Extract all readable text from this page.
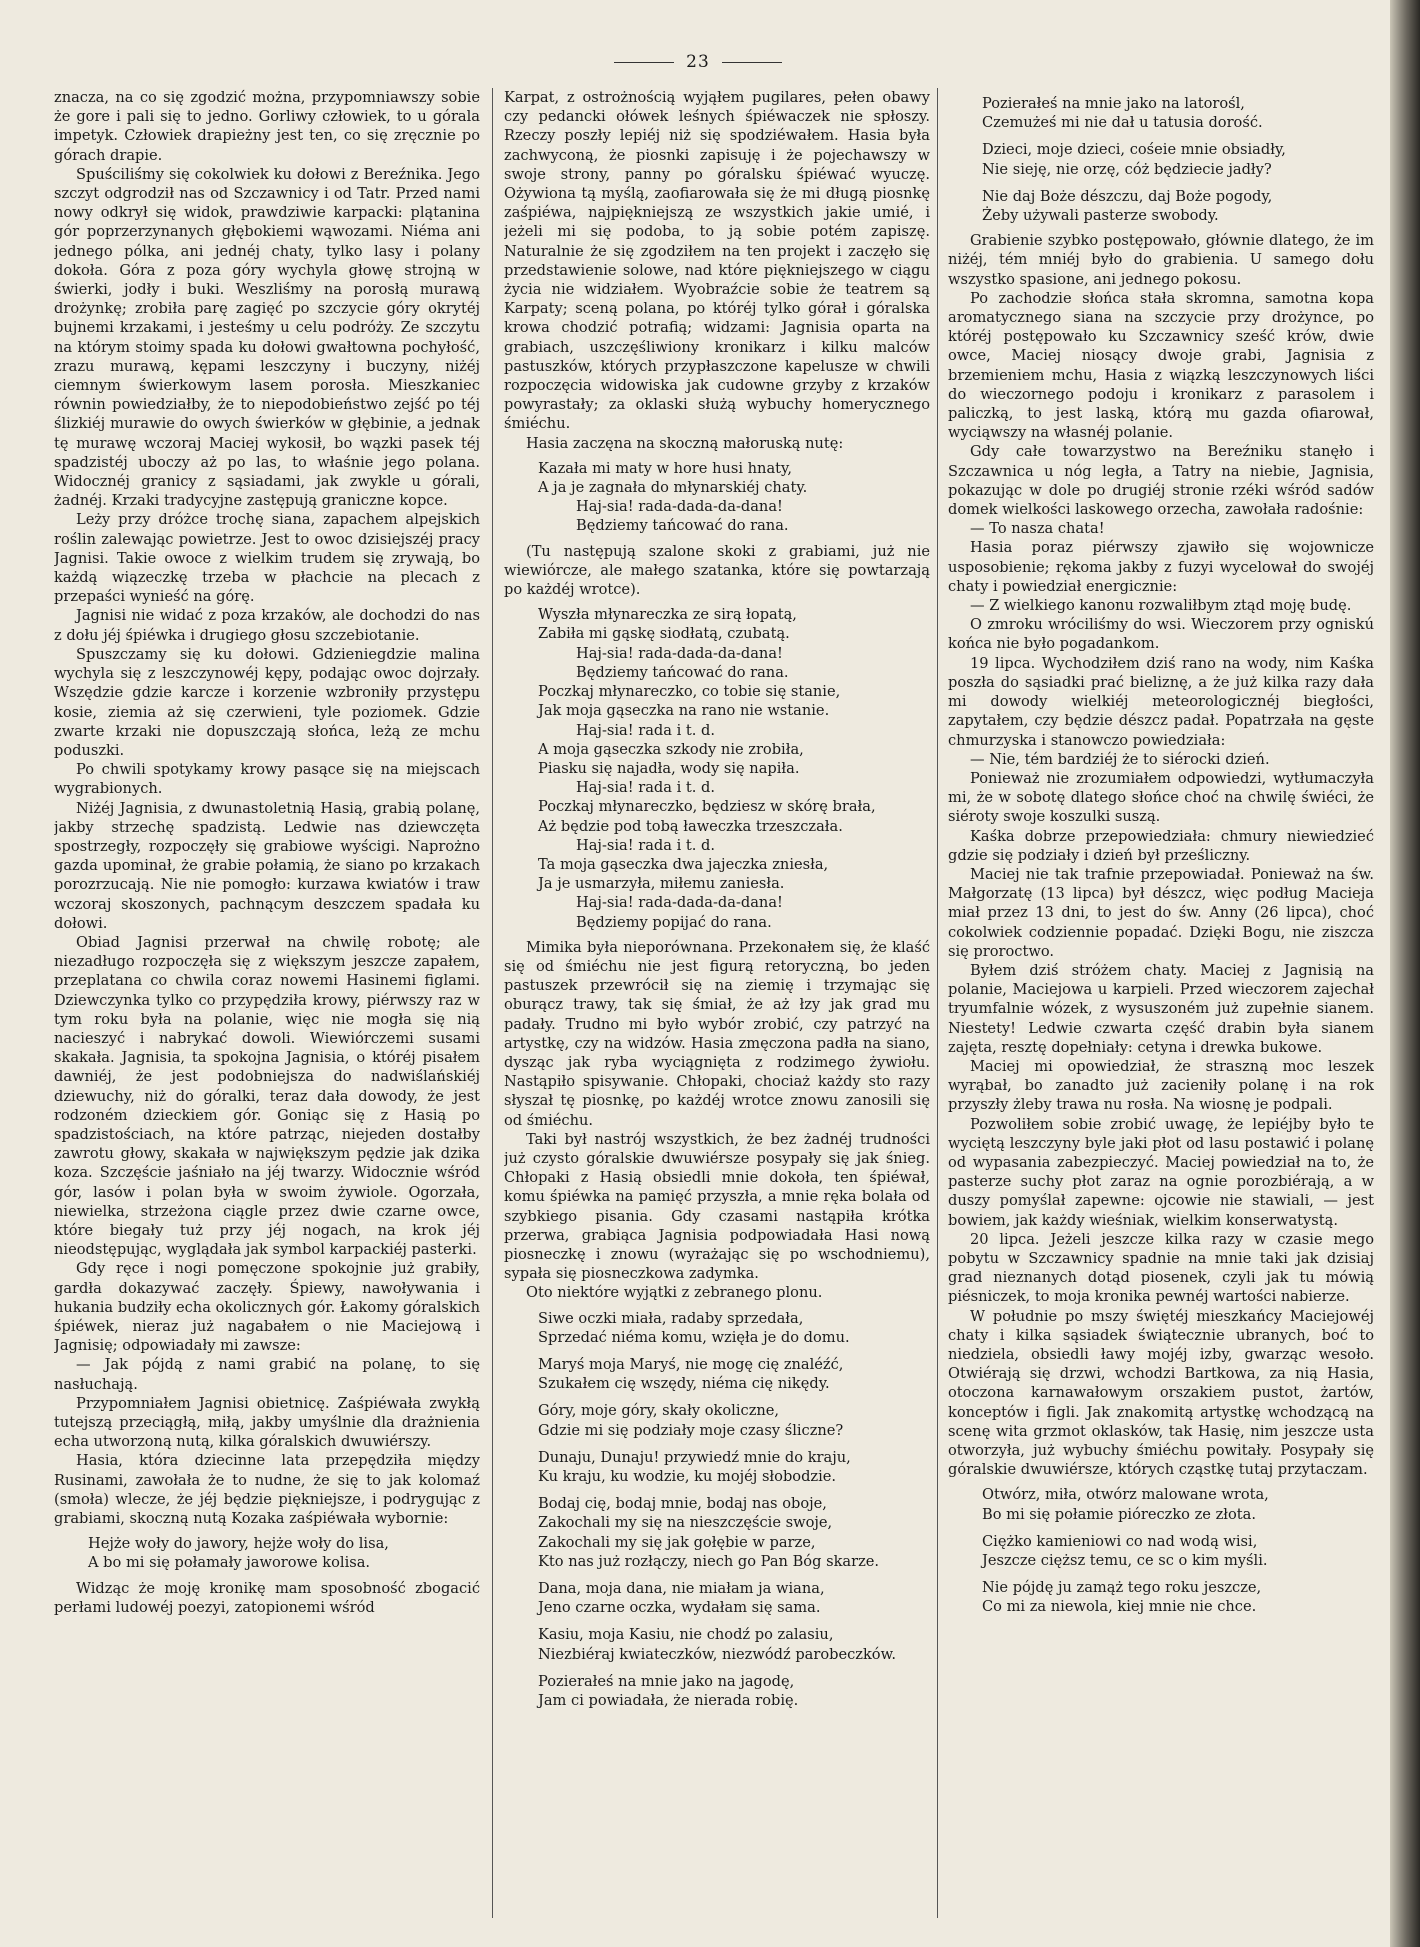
23

znacza, na co się zgodzić można, przypomniawszy sobie że gore i pali się to jedno. Gorliwy człowiek, to u górala impetyk. Człowiek drapieżny jest ten, co się zręcznie po górach drapie.

Spuściliśmy się cokolwiek ku dołowi z Bereźnika. Jego szczyt odgrodził nas od Szczawnicy i od Tatr. Przed nami nowy odkrył się widok, prawdziwie karpacki: plątanina gór poprzerzynanych głębokiemi wąwozami. Niéma ani jednego pólka, ani jednéj chaty, tylko lasy i polany dokoła. Góra z poza góry wychyla głowę strojną w świerki, jodły i buki. Weszliśmy na porosłą murawą drożynkę; zrobiła parę zagięć po szczycie góry okrytéj bujnemi krzakami, i jesteśmy u celu podróży. Ze szczytu na którym stoimy spada ku dołowi gwałtowna pochyłość, zrazu murawą, kępami leszczyny i buczyny, niżéj ciemnym świerkowym lasem porosła. Mieszkaniec równin powiedziałby, że to niepodobieństwo zejść po téj ślizkiéj murawie do owych świerków w głębinie, a jednak tę murawę wczoraj Maciej wykosił, bo wązki pasek téj spadzistéj uboczy aż po las, to właśnie jego polana. Widocznéj granicy z sąsiadami, jak zwykle u górali, żadnéj. Krzaki tradycyjne zastępują graniczne kopce.

Leży przy dróżce trochę siana, zapachem alpejskich roślin zalewając powietrze. Jest to owoc dzisiejszéj pracy Jagnisi. Takie owoce z wielkim trudem się zrywają, bo każdą wiązeczkę trzeba w płachcie na plecach z przepaści wynieść na górę.

Jagnisi nie widać z poza krzaków, ale dochodzi do nas z dołu jéj śpiéwka i drugiego głosu szczebiotanie.

Spuszczamy się ku dołowi. Gdzieniegdzie malina wychyla się z leszczynowéj kępy, podając owoc dojrzały. Wszędzie gdzie karcze i korzenie wzbroniły przystępu kosie, ziemia aż się czerwieni, tyle poziomek. Gdzie zwarte krzaki nie dopuszczają słońca, leżą ze mchu poduszki.

Po chwili spotykamy krowy pasące się na miejscach wygrabionych.

Niżéj Jagnisia, z dwunastoletnią Hasią, grabią polanę, jakby strzechę spadzistą. Ledwie nas dziewczęta spostrzegły, rozpoczęły się grabiowe wyścigi. Naprożno gazda upominał, że grabie połamią, że siano po krzakach porozrzucają. Nie nie pomogło: kurzawa kwiatów i traw wczoraj skoszonych, pachnącym deszczem spadała ku dołowi.

Obiad Jagnisi przerwał na chwilę robotę; ale niezadługo rozpoczęła się z większym jeszcze zapałem, przeplatana co chwila coraz nowemi Hasinemi figlami. Dziewczynka tylko co przypędziła krowy, piérwszy raz w tym roku była na polanie, więc nie mogła się nią nacieszyć i nabrykać dowoli. Wiewiórczemi susami skakała. Jagnisia, ta spokojna Jagnisia, o któréj pisałem dawniéj, że jest podobniejsza do nadwiślańskiéj dziewuchy, niż do góralki, teraz dała dowody, że jest rodzoném dzieckiem gór. Goniąc się z Hasią po spadzistościach, na które patrząc, niejeden dostałby zawrotu głowy, skakała w największym pędzie jak dzika koza. Szczęście jaśniało na jéj twarzy. Widocznie wśród gór, lasów i polan była w swoim żywiole. Ogorzała, niewielka, strzeżona ciągle przez dwie czarne owce, które biegały tuż przy jéj nogach, na krok jéj nieodstępując, wyglądała jak symbol karpackiéj pasterki.

Gdy ręce i nogi pomęczone spokojnie już grabiły, gardła dokazywać zaczęły. Śpiewy, nawoływania i hukania budziły echa okolicznych gór. Łakomy góralskich śpiéwek, nieraz już nagabałem o nie Maciejową i Jagnisię; odpowiadały mi zawsze:

— Jak pójdą z nami grabić na polanę, to się nasłuchają.

Przypomniałem Jagnisi obietnicę. Zaśpiéwała zwykłą tutejszą przeciągłą, miłą, jakby umyślnie dla drażnienia echa utworzoną nutą, kilka góralskich dwuwiérszy.

Hasia, która dziecinne lata przepędziła między Rusinami, zawołała że to nudne, że się to jak kolomaź (smoła) wlecze, że jéj będzie piękniejsze, i podrygując z grabiami, skoczną nutą Kozaka zaśpiéwała wybornie:

Hejże woły do jawory, hejże woły do lisa,
A bo mi się połamały jaworowe kolisa.

Widząc że moję kronikę mam sposobność zbogacić perłami ludowéj poezyi, zatopionemi wśród

Karpat, z ostrożnością wyjąłem pugilares, pełen obawy czy pedancki ołówek leśnych śpiéwaczek nie spłoszy. Rzeczy poszły lepiéj niż się spodziéwałem. Hasia była zachwyconą, że piosnki zapisuję i że pojechawszy w swoje strony, panny po góralsku śpiéwać wyuczę. Ożywiona tą myślą, zaofiarowała się że mi długą piosnkę zaśpiéwa, najpiękniejszą ze wszystkich jakie umié, i jeżeli mi się podoba, to ją sobie potém zapiszę. Naturalnie że się zgodziłem na ten projekt i zaczęło się przedstawienie solowe, nad które piękniejszego w ciągu życia nie widziałem. Wyobraźcie sobie że teatrem są Karpaty; sceną polana, po któréj tylko górał i góralska krowa chodzić potrafią; widzami: Jagnisia oparta na grabiach, uszczęśliwiony kronikarz i kilku malców pastuszków, których przypłaszczone kapelusze w chwili rozpoczęcia widowiska jak cudowne grzyby z krzaków powyrastały; za oklaski służą wybuchy homerycznego śmiéchu.

Hasia zaczęna na skoczną małoruską nutę:

Kazała mi maty w hore husi hnaty,
A ja je zagnała do młynarskiéj chaty.
Haj-sia! rada-dada-da-dana!
Będziemy tańcować do rana.

(Tu następują szalone skoki z grabiami, już nie wiewiórcze, ale małego szatanka, które się powtarzają po każdéj wrotce).

Wyszła młynareczka ze sirą łopatą,
Zabiła mi gąskę siodłatą, czubatą.
Haj-sia! rada-dada-da-dana!
Będziemy tańcować do rana.
Poczkaj młynareczko, co tobie się stanie,
Jak moja gąseczka na rano nie wstanie.
Haj-sia! rada i t. d.
A moja gąseczka szkody nie zrobiła,
Piasku się najadła, wody się napiła.
Haj-sia! rada i t. d.
Poczkaj młynareczko, będziesz w skórę brała,
Aż będzie pod tobą ławeczka trzeszczała.
Haj-sia! rada i t. d.
Ta moja gąseczka dwa jajeczka zniesła,
Ja je usmarzyła, miłemu zaniesła.
Haj-sia! rada-dada-da-dana!
Będziemy popijać do rana.

Mimika była nieporównana. Przekonałem się, że klaść się od śmiéchu nie jest figurą retoryczną, bo jeden pastuszek przewrócił się na ziemię i trzymając się oburącz trawy, tak się śmiał, że aż łzy jak grad mu padały. Trudno mi było wybór zrobić, czy patrzyć na artystkę, czy na widzów. Hasia zmęczona padła na siano, dysząc jak ryba wyciągnięta z rodzimego żywiołu. Nastąpiło spisywanie. Chłopaki, chociaż każdy sto razy słyszał tę piosnkę, po każdéj wrotce znowu zanosili się od śmiéchu.

Taki był nastrój wszystkich, że bez żadnéj trudności już czysto góralskie dwuwiérsze posypały się jak śnieg. Chłopaki z Hasią obsiedli mnie dokoła, ten śpiéwał, komu śpiéwka na pamięć przyszła, a mnie ręka bolała od szybkiego pisania. Gdy czasami nastąpiła krótka przerwa, grabiąca Jagnisia podpowiadała Hasi nową piosneczkę i znowu (wyrażając się po wschodniemu), sypała się piosneczkowa zadymka.

Oto niektóre wyjątki z zebranego plonu.

Siwe oczki miała, radaby sprzedała,
Sprzedać niéma komu, wzięła je do domu.
Maryś moja Maryś, nie mogę cię znaléźć,
Szukałem cię wszędy, niéma cię nikędy.
Góry, moje góry, skały okoliczne,
Gdzie mi się podziały moje czasy śliczne?
Dunaju, Dunaju! przywiedź mnie do kraju,
Ku kraju, ku wodzie, ku mojéj słobodzie.
Bodaj cię, bodaj mnie, bodaj nas oboje,
Zakochali my się na nieszczęście swoje,
Zakochali my się jak gołębie w parze,
Kto nas już rozłączy, niech go Pan Bóg skarze.
Dana, moja dana, nie miałam ja wiana,
Jeno czarne oczka, wydałam się sama.
Kasiu, moja Kasiu, nie chodź po zalasiu,
Niezbiéraj kwiateczków, niezwódź parobeczków.
Pozierałeś na mnie jako na jagodę,
Jam ci powiadała, że nierada robię.
Pozierałeś na mnie jako na latorośl,
Czemużeś mi nie dał u tatusia dorość.
Dzieci, moje dzieci, cośeie mnie obsiadły,
Nie sieję, nie orzę, cóż będziecie jadły?
Nie daj Boże dészczu, daj Boże pogody,
Żeby używali pasterze swobody.

Grabienie szybko postępowało, głównie dlatego, że im niżéj, tém mniéj było do grabienia. U samego dołu wszystko spasione, ani jednego pokosu.

Po zachodzie słońca stała skromna, samotna kopa aromatycznego siana na szczycie przy drożynce, po któréj postępowało ku Szczawnicy sześć krów, dwie owce, Maciej niosący dwoje grabi, Jagnisia z brzemieniem mchu, Hasia z wiązką leszczynowych liści do wieczornego podoju i kronikarz z parasolem i paliczką, to jest laską, którą mu gazda ofiarował, wyciąwszy na własnéj polanie.

Gdy całe towarzystwo na Bereźniku stanęło i Szczawnica u nóg legła, a Tatry na niebie, Jagnisia, pokazując w dole po drugiéj stronie rzéki wśród sadów domek wielkości laskowego orzecha, zawołała radośnie:

— To nasza chata!

Hasia poraz piérwszy zjawiło się wojownicze usposobienie; rękoma jakby z fuzyi wycelował do swojéj chaty i powiedział energicznie:

— Z wielkiego kanonu rozwaliłbym ztąd moję budę.

O zmroku wróciliśmy do wsi. Wieczorem przy ogniskú końca nie było pogadankom.

19 lipca. Wychodziłem dziś rano na wody, nim Kaśka poszła do sąsiadki prać bieliznę, a że już kilka razy dała mi dowody wielkiéj meteorologicznéj biegłości, zapytałem, czy będzie dészcz padał. Popatrzała na gęste chmurzyska i stanowczo powiedziała:

— Nie, tém bardziéj że to siérocki dzień.

Ponieważ nie zrozumiałem odpowiedzi, wytłumaczyła mi, że w sobotę dlatego słońce choć na chwilę świéci, że siéroty swoje koszulki suszą.

Kaśka dobrze przepowiedziała: chmury niewiedzieć gdzie się podziały i dzień był prześliczny.

Maciej nie tak trafnie przepowiadał. Ponieważ na św. Małgorzatę (13 lipca) był dészcz, więc podług Macieja miał przez 13 dni, to jest do św. Anny (26 lipca), choć cokolwiek codziennie popadać. Dzięki Bogu, nie ziszcza się proroctwo.

Byłem dziś stróżem chaty. Maciej z Jagnisią na polanie, Maciejowa u karpieli. Przed wieczorem zajechał tryumfalnie wózek, z wysuszoném już zupełnie sianem. Niestety! Ledwie czwarta część drabin była sianem zajęta, resztę dopełniały: cetyna i drewka bukowe.

Maciej mi opowiedział, że straszną moc leszek wyrąbał, bo zanadto już zacieniły polanę i na rok przyszły żleby trawa nu rosła. Na wiosnę je podpali.

Pozwoliłem sobie zrobić uwagę, że lepiéjby było te wyciętą leszczyny byle jaki płot od lasu postawić i polanę od wypasania zabezpieczyć. Maciej powiedział na to, że pasterze suchy płot zaraz na ognie porozbiérają, a w duszy pomyślał zapewne: ojcowie nie stawiali, — jest bowiem, jak każdy wieśniak, wielkim konserwatystą.

20 lipca. Jeżeli jeszcze kilka razy w czasie mego pobytu w Szczawnicy spadnie na mnie taki jak dzisiaj grad nieznanych dotąd piosenek, czyli jak tu mówią piésniczek, to moja kronika pewnéj wartości nabierze.

W południe po mszy świętéj mieszkańcy Maciejowéj chaty i kilka sąsiadek świątecznie ubranych, boć to niedziela, obsiedli ławy mojéj izby, gwarząc wesoło. Otwiérają się drzwi, wchodzi Bartkowa, za nią Hasia, otoczona karnawałowym orszakiem pustot, żartów, konceptów i figli. Jak znakomitą artystkę wchodzącą na scenę wita grzmot oklasków, tak Hasię, nim jeszcze usta otworzyła, już wybuchy śmiéchu powitały. Posypały się góralskie dwuwiérsze, których cząstkę tutaj przytaczam.

Otwórz, miła, otwórz malowane wrota,
Bo mi się połamie pióreczko ze złota.
Ciężko kamieniowi co nad wodą wisi,
Jeszcze cięższ temu, ce sc o kim myśli.
Nie pójdę ju zamąż tego roku jeszcze,
Co mi za niewola, kiej mnie nie chce.
